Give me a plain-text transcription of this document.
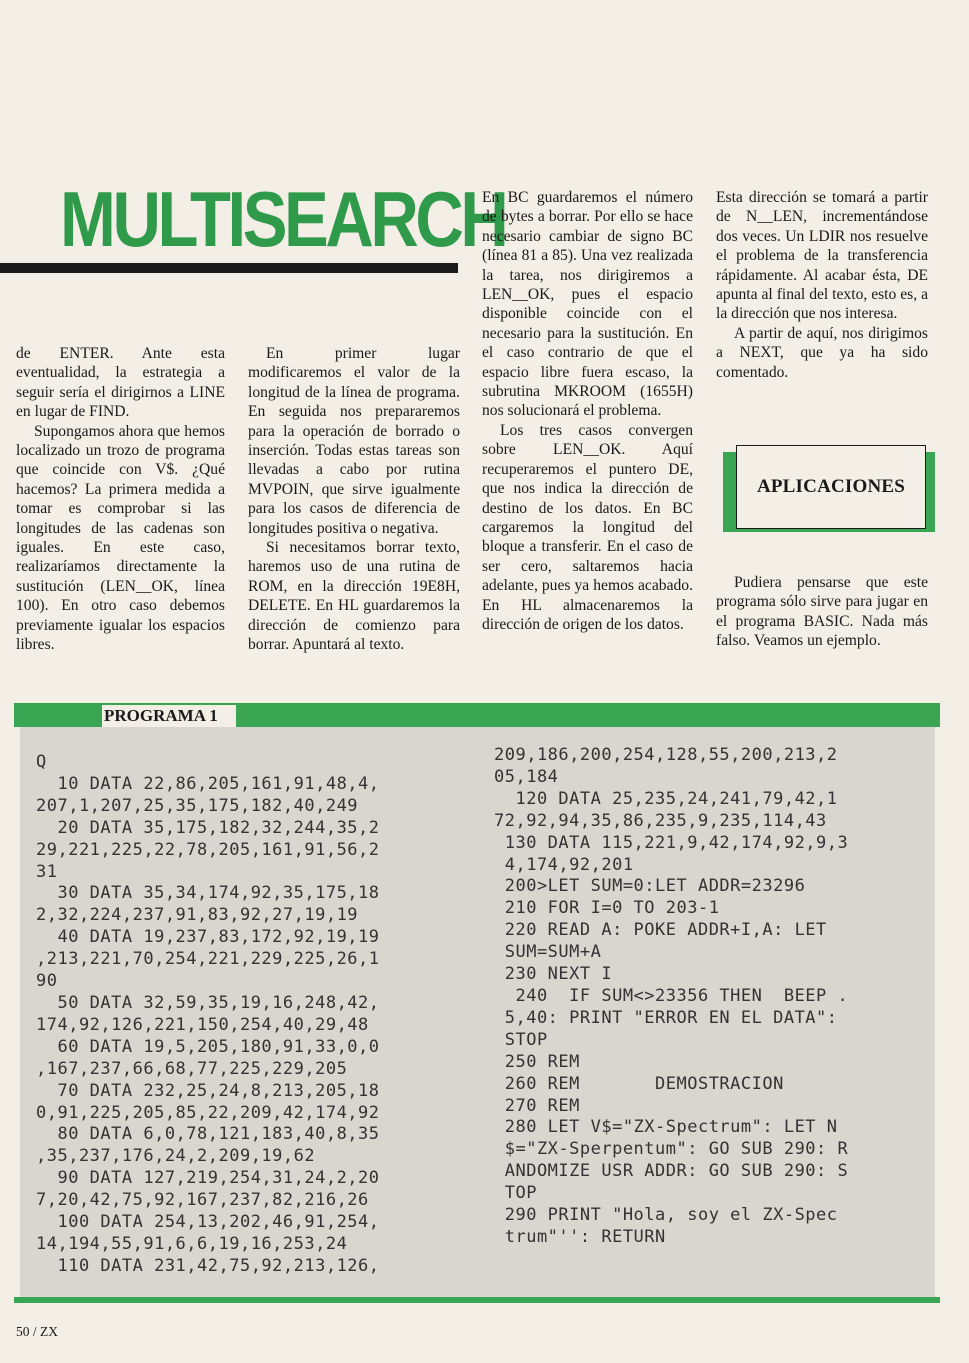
MULTISEARCH

de ENTER. Ante esta eventualidad, la estrategia a seguir sería el dirigirnos a LINE en lugar de FIND.

Supongamos ahora que hemos localizado un trozo de programa que coincide con V$. ¿Qué hacemos? La primera medida a tomar es comprobar si las longitudes de las cadenas son iguales. En este caso, realizaríamos directamente la sustitución (LEN__OK, línea 100). En otro caso debemos previamente igualar los espacios libres.

En primer lugar modificaremos el valor de la longitud de la línea de programa. En seguida nos prepararemos para la operación de borrado o inserción. Todas estas tareas son llevadas a cabo por rutina MVPOIN, que sirve igualmente para los casos de diferencia de longitudes positiva o negativa.

Si necesitamos borrar texto, haremos uso de una rutina de ROM, en la dirección 19E8H, DELETE. En HL guardaremos la dirección de comienzo para borrar. Apuntará al texto.

En BC guardaremos el número de bytes a borrar. Por ello se hace necesario cambiar de signo BC (línea 81 a 85). Una vez realizada la tarea, nos dirigiremos a LEN__OK, pues el espacio disponible coincide con el necesario para la sustitución. En el caso contrario de que el espacio libre fuera escaso, la subrutina MKROOM (1655H) nos solucionará el problema.

Los tres casos convergen sobre LEN__OK. Aquí recuperaremos el puntero DE, que nos indica la dirección de destino de los datos. En BC cargaremos la longitud del bloque a transferir. En el caso de ser cero, saltaremos hacia adelante, pues ya hemos acabado. En HL almacenaremos la dirección de origen de los datos.

Esta dirección se tomará a partir de N__LEN, incrementándose dos veces. Un LDIR nos resuelve el problema de la transferencia rápidamente. Al acabar ésta, DE apunta al final del texto, esto es, a la dirección que nos interesa.

A partir de aquí, nos dirigimos a NEXT, que ya ha sido comentado.

APLICACIONES

Pudiera pensarse que este programa sólo sirve para jugar en el programa BASIC. Nada más falso. Veamos un ejemplo.

PROGRAMA 1
Q
10 DATA 22,86,205,161,91,48,4,
207,1,207,25,35,175,182,40,249
20 DATA 35,175,182,32,244,35,2
29,221,225,22,78,205,161,91,56,2
31
30 DATA 35,34,174,92,35,175,18
2,32,224,237,91,83,92,27,19,19
40 DATA 19,237,83,172,92,19,19
,213,221,70,254,221,229,225,26,1
90
50 DATA 32,59,35,19,16,248,42,
174,92,126,221,150,254,40,29,48
60 DATA 19,5,205,180,91,33,0,0
,167,237,66,68,77,225,229,205
70 DATA 232,25,24,8,213,205,18
0,91,225,205,85,22,209,42,174,92
80 DATA 6,0,78,121,183,40,8,35
,35,237,176,24,2,209,19,62
90 DATA 127,219,254,31,24,2,20
7,20,42,75,92,167,237,82,216,26
100 DATA 254,13,202,46,91,254,
14,194,55,91,6,6,19,16,253,24
110 DATA 231,42,75,92,213,126,
209,186,200,254,128,55,200,213,2
05,184
120 DATA 25,235,24,241,79,42,1
72,92,94,35,86,235,9,235,114,43
130 DATA 115,221,9,42,174,92,9,3
4,174,92,201
200>LET SUM=0:LET ADDR=23296
210 FOR I=0 TO 203-1
220 READ A: POKE ADDR+I,A: LET
SUM=SUM+A
230 NEXT I
240  IF SUM<>23356 THEN  BEEP .
5,40: PRINT "ERROR EN EL DATA":
STOP
250 REM
260 REM       DEMOSTRACION
270 REM
280 LET V$="ZX-Spectrum": LET N
$="ZX-Sperpentum": GO SUB 290: R
ANDOMIZE USR ADDR: GO SUB 290: S
TOP
290 PRINT "Hola, soy el ZX-Spec
trum"'': RETURN
50 / ZX
